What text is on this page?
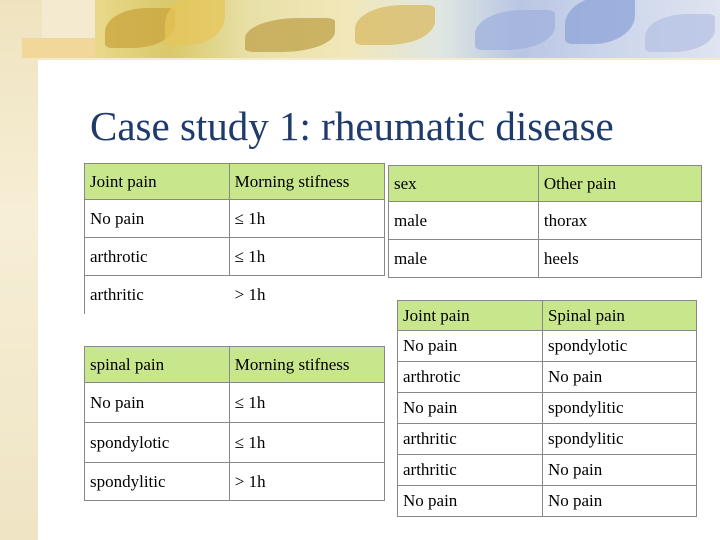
Case study 1: rheumatic disease
Joint pain	Morning stifness
No pain	≤ 1h
arthrotic	≤ 1h
arthritic	> 1h
sex	Other pain
male	thorax
male	heels
spinal pain	Morning stifness
No pain	≤ 1h
spondylotic	≤ 1h
spondylitic	> 1h
Joint pain	Spinal pain
No pain	spondylotic
arthrotic	No pain
No pain	spondylitic
arthritic	spondylitic
arthritic	No pain
No pain	No pain
